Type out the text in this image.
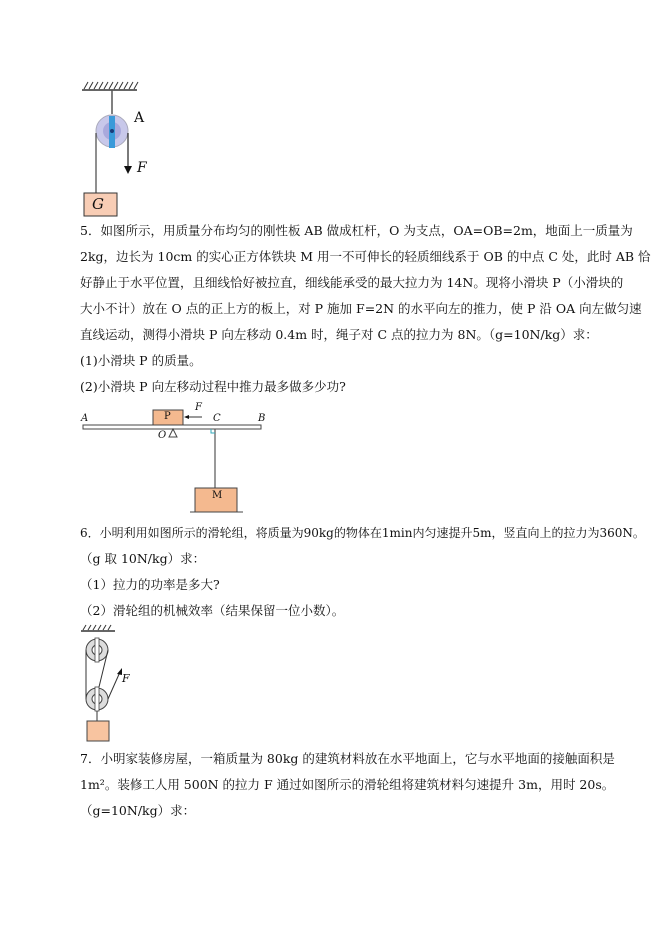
A
F
G
5．如图所示，用质量分布均匀的刚性板 AB 做成杠杆，O 为支点，OA=OB=2m，地面上一质量为
2kg，边长为 10cm 的实心正方体铁块 M 用一不可伸长的轻质细线系于 OB 的中点 C 处，此时 AB 恰
好静止于水平位置，且细线恰好被拉直，细线能承受的最大拉力为 14N。现将小滑块 P（小滑块的
大小不计）放在 O 点的正上方的板上，对 P 施加 F=2N 的水平向左的推力，使 P 沿 OA 向左做匀速
直线运动，测得小滑块 P 向左移动 0.4m 时，绳子对 C 点的拉力为 8N。（g=10N/kg）求：
(1)小滑块 P 的质量。
(2)小滑块 P 向左移动过程中推力最多做多少功?
A	P
F
C	B
O
M
6．小明利用如图所示的滑轮组，将质量为90kg的物体在1min内匀速提升5m，竖直向上的拉力为360N。
（g 取 10N/kg）求：
（1）拉力的功率是多大?
（2）滑轮组的机械效率（结果保留一位小数）。
F
7．小明家装修房屋，一箱质量为 80kg 的建筑材料放在水平地面上，它与水平地面的接触面积是
1m²。装修工人用 500N 的拉力 F 通过如图所示的滑轮组将建筑材料匀速提升 3m，用时 20s。
（g=10N/kg）求：
